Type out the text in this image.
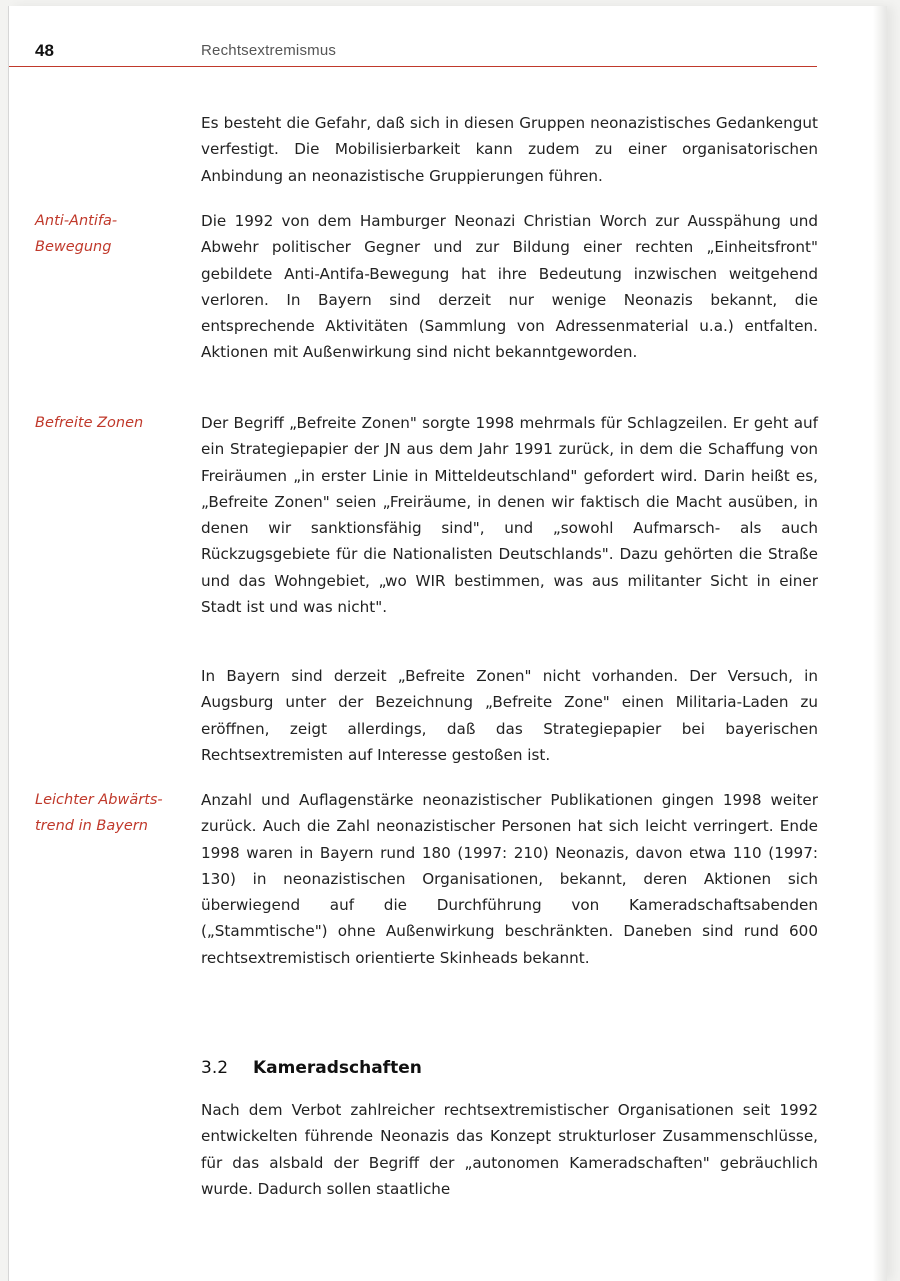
48	Rechtsextremismus
Es besteht die Gefahr, daß sich in diesen Gruppen neonazistisches Gedankengut verfestigt. Die Mobilisierbarkeit kann zudem zu einer organisatorischen Anbindung an neonazistische Gruppierungen führen.
Anti-Antifa-
Bewegung
Die 1992 von dem Hamburger Neonazi Christian Worch zur Ausspähung und Abwehr politischer Gegner und zur Bildung einer rechten „Einheitsfront" gebildete Anti-Antifa-Bewegung hat ihre Bedeutung inzwischen weitgehend verloren. In Bayern sind derzeit nur wenige Neonazis bekannt, die entsprechende Aktivitäten (Sammlung von Adressenmaterial u.a.) entfalten. Aktionen mit Außenwirkung sind nicht bekanntgeworden.
Befreite Zonen	Der Begriff „Befreite Zonen" sorgte 1998 mehrmals für Schlagzeilen. Er geht auf ein Strategiepapier der JN aus dem Jahr 1991 zurück, in dem die Schaffung von Freiräumen „in erster Linie in Mitteldeutschland" gefordert wird. Darin heißt es, „Befreite Zonen" seien „Freiräume, in denen wir faktisch die Macht ausüben, in denen wir sanktionsfähig sind", und „sowohl Aufmarsch- als auch Rückzugsgebiete für die Nationalisten Deutschlands". Dazu gehörten die Straße und das Wohngebiet, „wo WIR bestimmen, was aus militanter Sicht in einer Stadt ist und was nicht".
In Bayern sind derzeit „Befreite Zonen" nicht vorhanden. Der Versuch, in Augsburg unter der Bezeichnung „Befreite Zone" einen Militaria-Laden zu eröffnen, zeigt allerdings, daß das Strategiepapier bei bayerischen Rechtsextremisten auf Interesse gestoßen ist.
Leichter Abwärts-
trend in Bayern
Anzahl und Auflagenstärke neonazistischer Publikationen gingen 1998 weiter zurück. Auch die Zahl neonazistischer Personen hat sich leicht verringert. Ende 1998 waren in Bayern rund 180 (1997: 210) Neonazis, davon etwa 110 (1997: 130) in neonazistischen Organisationen, bekannt, deren Aktionen sich überwiegend auf die Durchführung von Kameradschaftsabenden („Stammtische") ohne Außenwirkung beschränkten. Daneben sind rund 600 rechtsextremistisch orientierte Skinheads bekannt.
3.2 Kameradschaften
Nach dem Verbot zahlreicher rechtsextremistischer Organisationen seit 1992 entwickelten führende Neonazis das Konzept strukturloser Zusammenschlüsse, für das alsbald der Begriff der „autonomen Kameradschaften" gebräuchlich wurde. Dadurch sollen staatliche
